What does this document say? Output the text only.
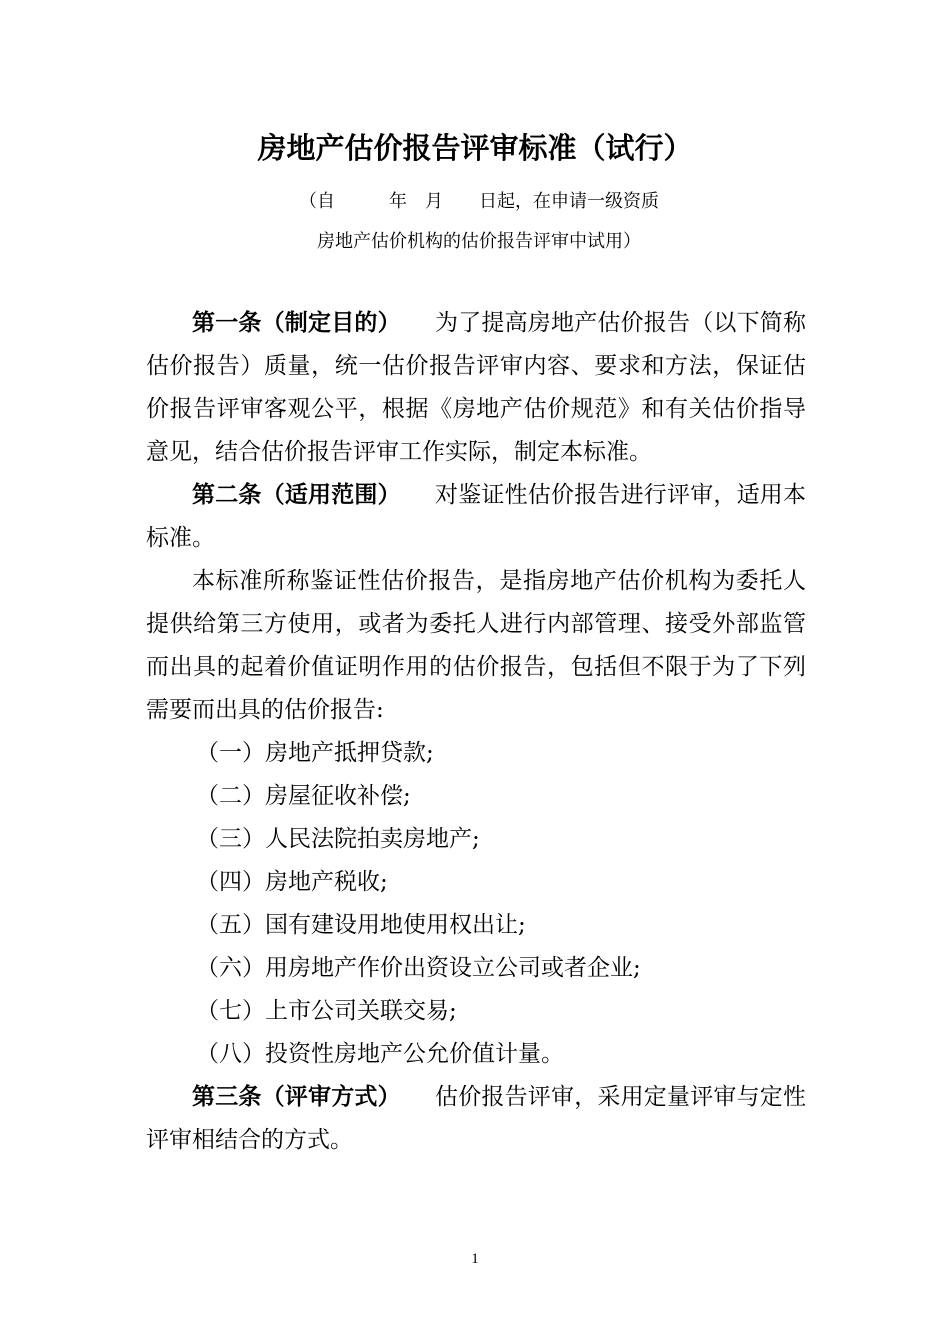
房地产估价报告评审标准（试行）
（自　　　年　月　　日起，在申请一级资质
房地产估价机构的估价报告评审中试用）

第一条（制定目的） 为了提高房地产估价报告（以下简称估价报告）质量，统一估价报告评审内容、要求和方法，保证估价报告评审客观公平，根据《房地产估价规范》和有关估价指导意见，结合估价报告评审工作实际，制定本标准。

第二条（适用范围） 对鉴证性估价报告进行评审，适用本标准。

本标准所称鉴证性估价报告，是指房地产估价机构为委托人提供给第三方使用，或者为委托人进行内部管理、接受外部监管而出具的起着价值证明作用的估价报告，包括但不限于为了下列需要而出具的估价报告:

（一）房地产抵押贷款;

（二）房屋征收补偿;

（三）人民法院拍卖房地产;

（四）房地产税收;

（五）国有建设用地使用权出让;

（六）用房地产作价出资设立公司或者企业;

（七）上市公司关联交易;

（八）投资性房地产公允价值计量。

第三条（评审方式） 估价报告评审，采用定量评审与定性评审相结合的方式。

1
